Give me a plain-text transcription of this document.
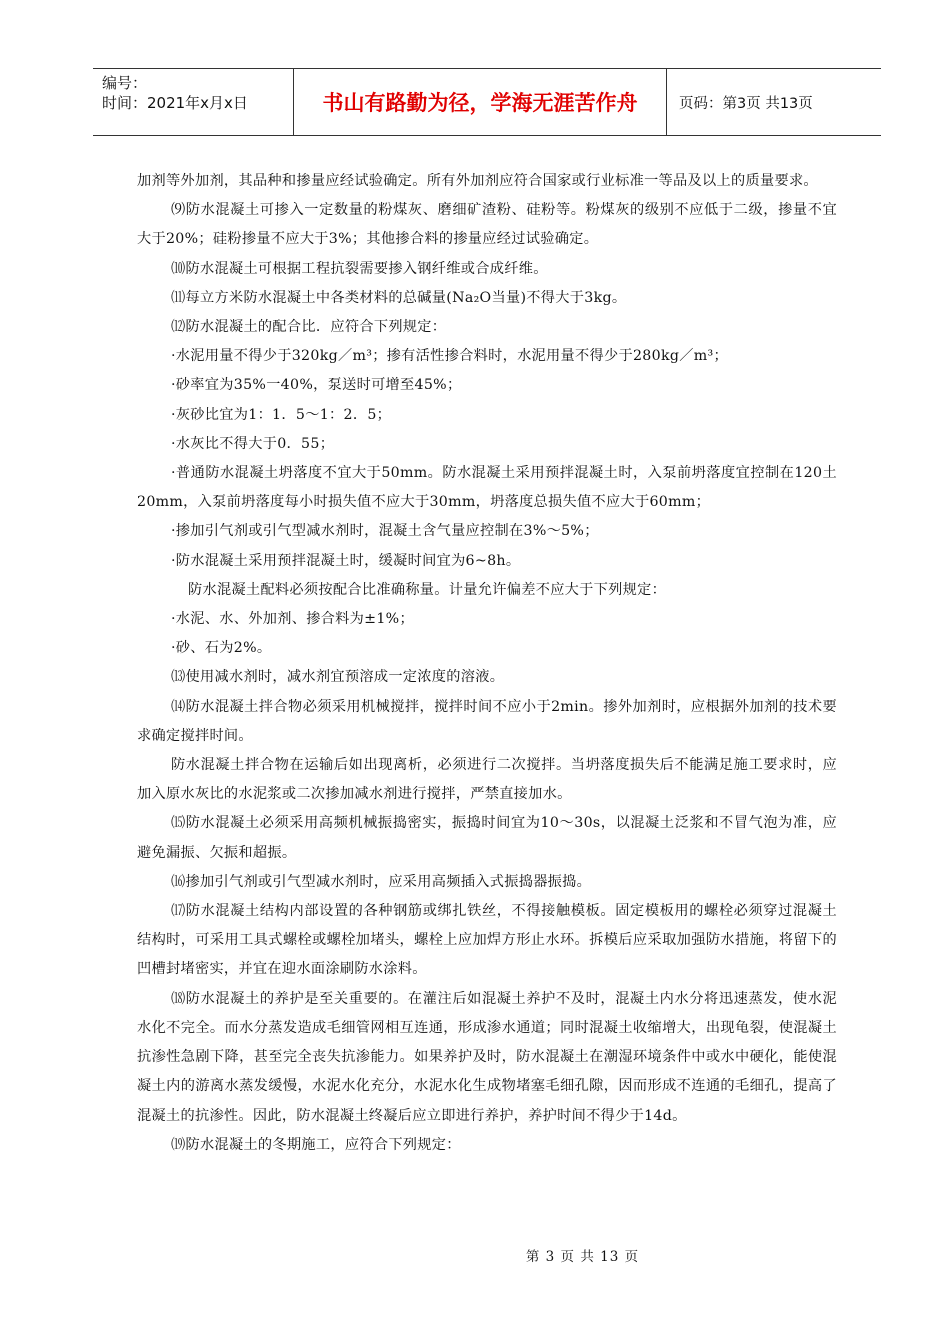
编号：
时间：2021年x月x日	书山有路勤为径，学海无涯苦作舟	页码：第3页 共13页

加剂等外加剂，其品种和掺量应经试验确定。所有外加剂应符合国家或行业标准一等品及以上的质量要求。

⑼防水混凝土可掺入一定数量的粉煤灰、磨细矿渣粉、硅粉等。粉煤灰的级别不应低于二级，掺量不宜大于20%；硅粉掺量不应大于3%；其他掺合料的掺量应经过试验确定。

⑽防水混凝土可根据工程抗裂需要掺入钢纤维或合成纤维。

⑾每立方米防水混凝土中各类材料的总碱量(Na₂O当量)不得大于3kg。

⑿防水混凝土的配合比．应符合下列规定：

·水泥用量不得少于320kg／m³；掺有活性掺合料时，水泥用量不得少于280kg／m³；

·砂率宜为35%一40%，泵送时可增至45%；

·灰砂比宜为1：1．5～1：2．5；

·水灰比不得大于0．55；

·普通防水混凝土坍落度不宜大于50mm。防水混凝土采用预拌混凝土时，入泵前坍落度宜控制在120土20mm，入泵前坍落度每小时损失值不应大于30mm，坍落度总损失值不应大于60mm；

·掺加引气剂或引气型减水剂时，混凝土含气量应控制在3%～5%；

·防水混凝土采用预拌混凝土时，缓凝时间宜为6~8h。

防水混凝土配料必须按配合比准确称量。计量允许偏差不应大于下列规定：

·水泥、水、外加剂、掺合料为±1%；

·砂、石为2%。

⒀使用减水剂时，减水剂宜预溶成一定浓度的溶液。

⒁防水混凝土拌合物必须采用机械搅拌，搅拌时间不应小于2min。掺外加剂时，应根据外加剂的技术要求确定搅拌时间。

防水混凝土拌合物在运输后如出现离析，必须进行二次搅拌。当坍落度损失后不能满足施工要求时，应加入原水灰比的水泥浆或二次掺加减水剂进行搅拌，严禁直接加水。

⒂防水混凝土必须采用高频机械振捣密实，振捣时间宜为10～30s，以混凝土泛浆和不冒气泡为准，应避免漏振、欠振和超振。

⒃掺加引气剂或引气型减水剂时，应采用高频插入式振捣器振捣。

⒄防水混凝土结构内部设置的各种钢筋或绑扎铁丝，不得接触模板。固定模板用的螺栓必须穿过混凝土结构时，可采用工具式螺栓或螺栓加堵头，螺栓上应加焊方形止水环。拆模后应采取加强防水措施，将留下的凹槽封堵密实，并宜在迎水面涂刷防水涂料。

⒅防水混凝土的养护是至关重要的。在灌注后如混凝土养护不及时，混凝土内水分将迅速蒸发，使水泥水化不完全。而水分蒸发造成毛细管网相互连通，形成渗水通道；同时混凝土收缩增大，出现龟裂，使混凝土抗渗性急剧下降，甚至完全丧失抗渗能力。如果养护及时，防水混凝土在潮湿环境条件中或水中硬化，能使混凝土内的游离水蒸发缓慢，水泥水化充分，水泥水化生成物堵塞毛细孔隙，因而形成不连通的毛细孔，提高了混凝土的抗渗性。因此，防水混凝土终凝后应立即进行养护，养护时间不得少于14d。

⒆防水混凝土的冬期施工，应符合下列规定：

第 3 页 共 13 页
